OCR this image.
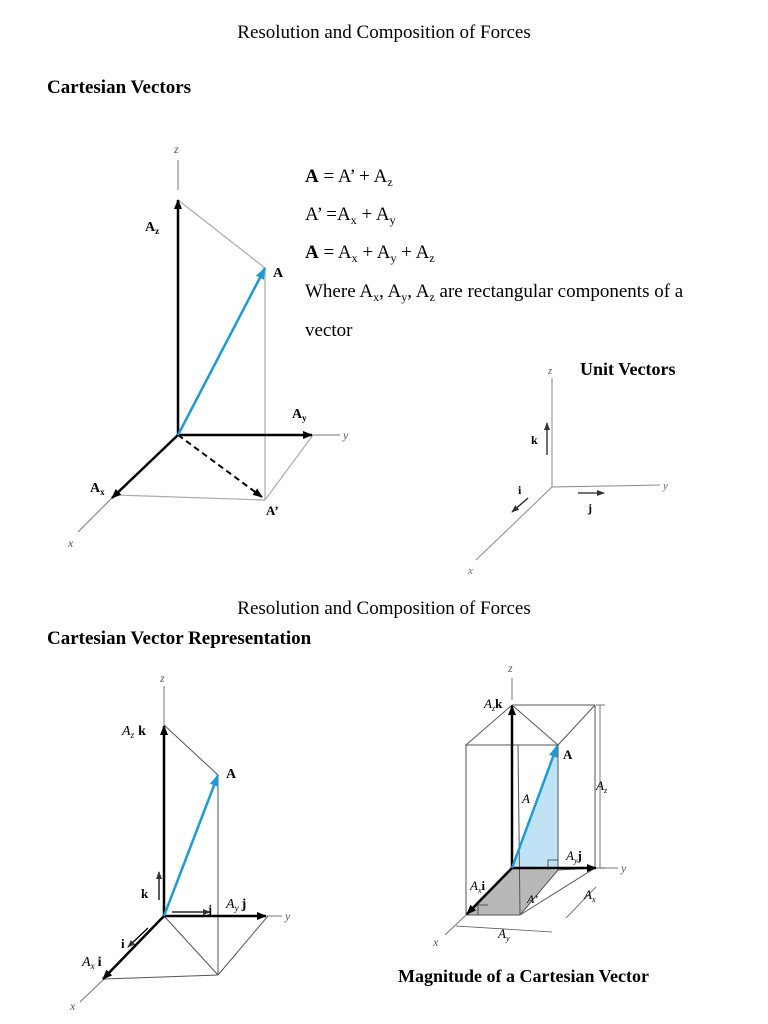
Resolution and Composition of Forces
Cartesian Vectors
A = A’ + $A_z$
A’ $=A_x + A_y$
$A = A_x + A_y + A_z$
Where $A_x$, $A_y$, $A_z$ are rectangular components of a
vector
Unit Vectors
Resolution and Composition of Forces
Cartesian Vector Representation
Magnitude of a Cartesian Vector
z
y
x
$A_z$
$A_y$
$A_x$
A
A’
z
y
x
k
j
i
z
y
x
$A_z$ k
A
k
j $A_y$ j
i
$A_x$ i
z
y
x
$A_zk$
A
A
$A_z$
$A_yj$
$A_xi$
A’	$A_x$
$A_y$
